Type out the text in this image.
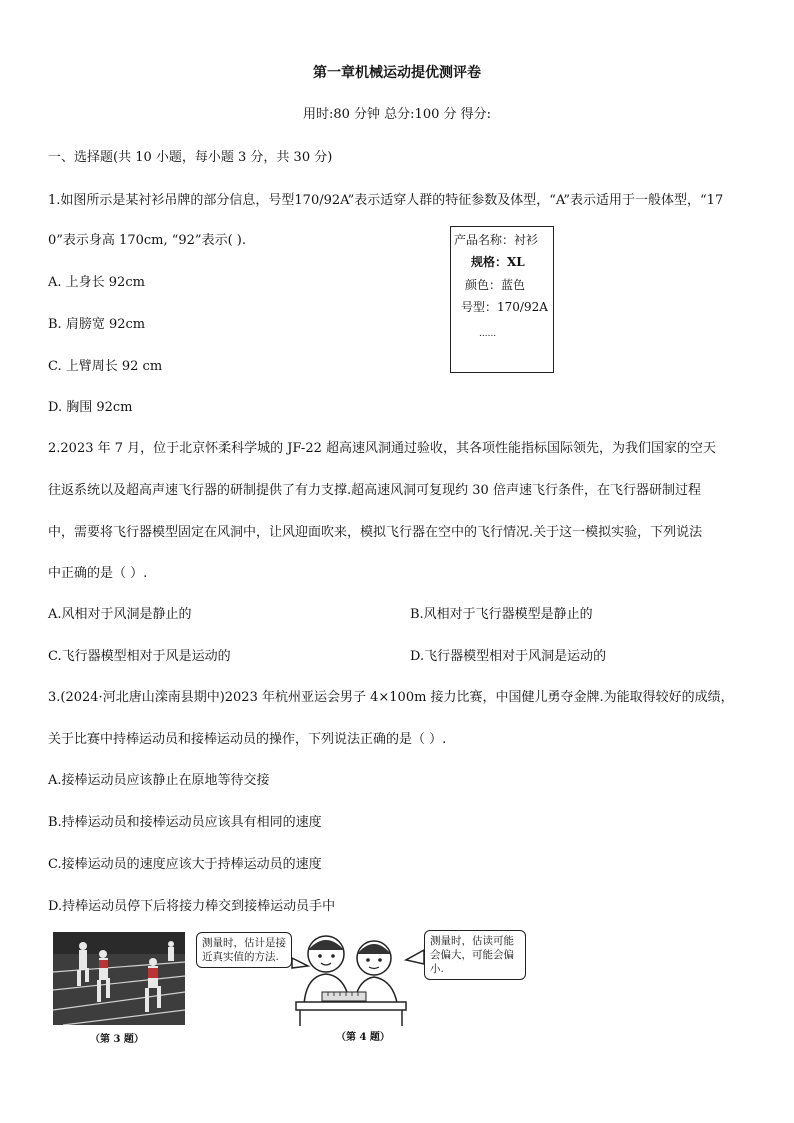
第一章机械运动提优测评卷
用时:80 分钟 总分:100 分 得分:
一、选择题(共 10 小题，每小题 3 分，共 30 分)
1.如图所示是某衬衫吊牌的部分信息，号型170/92A”表示适穿人群的特征参数及体型，“A”表示适用于一般体型，“17
0”表示身高 170cm, “92”表示( ).
A. 上身长 92cm
B. 肩膀宽 92cm
C. 上臂周长 92 cm
D. 胸围 92cm
产品名称：衬衫
规格：XL
颜色：蓝色
号型：170/92A
......
2.2023 年 7 月，位于北京怀柔科学城的 JF-22 超高速风洞通过验收，其各项性能指标国际领先，为我们国家的空天
往返系统以及超高声速飞行器的研制提供了有力支撑.超高速风洞可复现约 30 倍声速飞行条件，在飞行器研制过程
中，需要将飞行器模型固定在风洞中，让风迎面吹来，模拟飞行器在空中的飞行情况.关于这一模拟实验，下列说法
中正确的是（ ）.
A.风相对于风洞是静止的	B.风相对于飞行器模型是静止的
C.飞行器模型相对于风是运动的	D.飞行器模型相对于风洞是运动的
3.(2024·河北唐山滦南县期中)2023 年杭州亚运会男子 4×100m 接力比赛，中国健儿勇夺金牌.为能取得较好的成绩，
关于比赛中持棒运动员和接棒运动员的操作，下列说法正确的是（ ）.
A.接棒运动员应该静止在原地等待交接
B.持棒运动员和接棒运动员应该具有相同的速度
C.接棒运动员的速度应该大于持棒运动员的速度
D.持棒运动员停下后将接力棒交到接棒运动员手中
测量时，估计是接近真实值的方法.
测量时，估读可能会偏大，可能会偏小.
（第 3 题）	（第 4 题）
